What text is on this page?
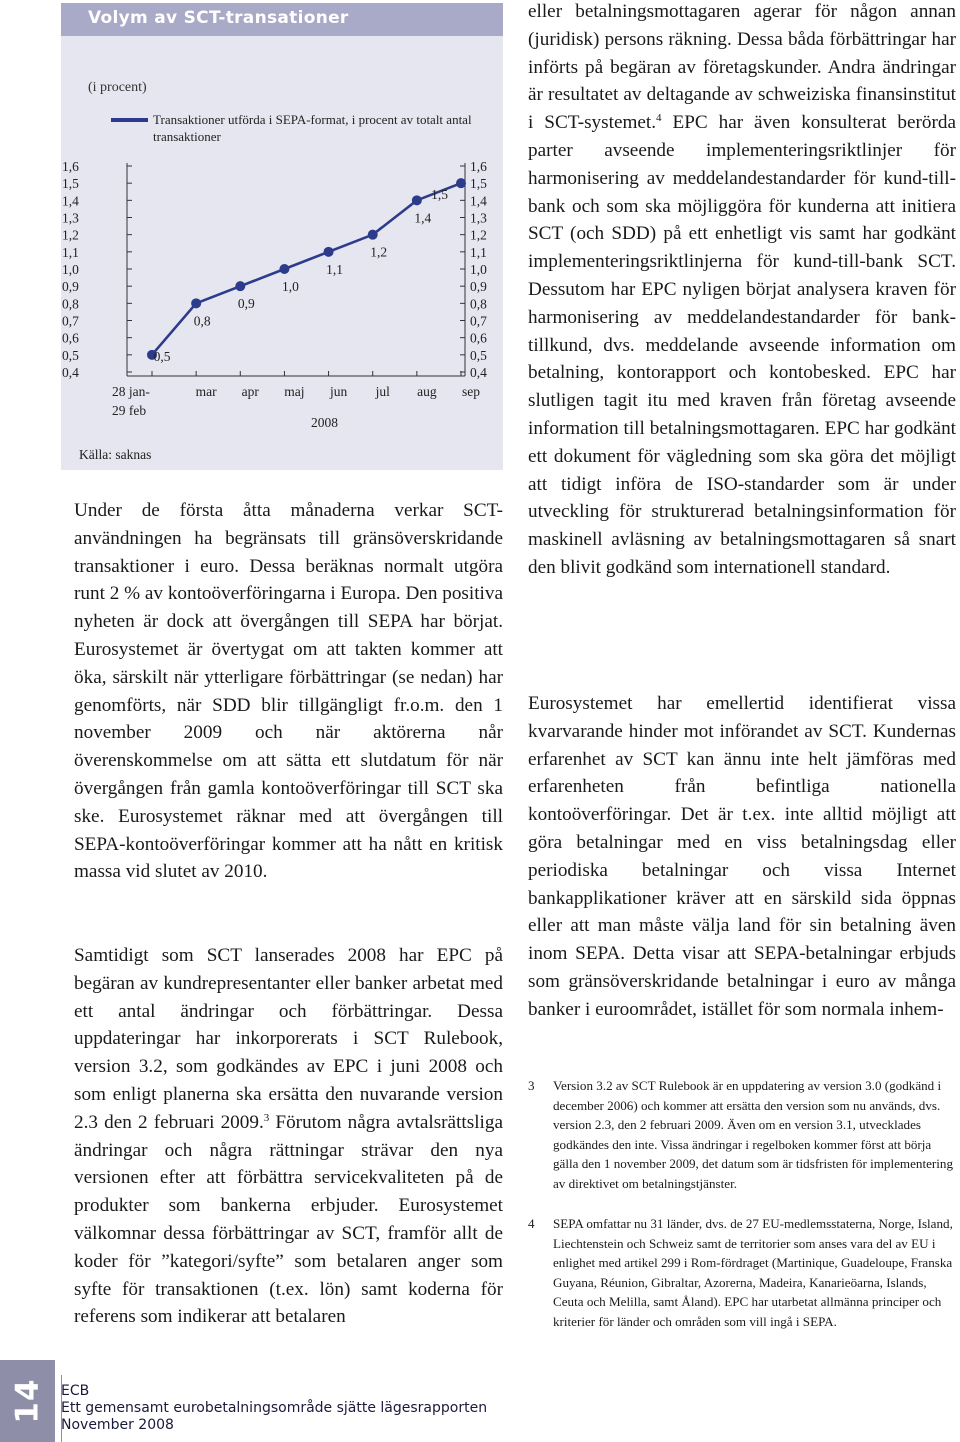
Volym av SCT-transationer
(i procent)
Transaktioner utförda i SEPA-format, i procent av totalt antal transaktioner
1,6	1,6
1,5	1,5
1,4	1,4
1,3	1,3
1,2	1,2
1,1	1,1
1,0	1,0
0,9	0,9
0,8	0,8
0,7	0,7
0,6	0,6
0,5	0,5
0,4	0,4
28 jan-
29 feb
mar apr maj jun jul aug sep
2008
0,5
0,8
0,9
1,0
1,1
1,2
1,4
1,5
Källa: saknas

Under de första åtta månaderna verkar SCT-användningen ha begränsats till gränsöverskridande transaktioner i euro. Dessa beräknas normalt utgöra runt 2 % av kontoöverföringarna i Europa. Den positiva nyheten är dock att övergången till SEPA har börjat. Eurosystemet är övertygat om att takten kommer att öka, särskilt när ytterligare förbättringar (se nedan) har genomförts, när SDD blir tillgängligt fr.o.m. den 1 november 2009 och när aktörerna når överenskommelse om att sätta ett slutdatum för när övergången från gamla kontoöverföringar till SCT ska ske. Eurosystemet räknar med att övergången till SEPA-kontoöverföringar kommer att ha nått en kritisk massa vid slutet av 2010.

Samtidigt som SCT lanserades 2008 har EPC på begäran av kundrepresentanter eller banker arbetat med ett antal ändringar och förbättringar. Dessa uppdateringar har inkorporerats i SCT Rulebook, version 3.2, som godkändes av EPC i juni 2008 och som enligt planerna ska ersätta den nuvarande version 2.3 den 2 februari 2009.$^3$ Förutom några avtalsrättsliga ändringar och några rättningar strävar den nya versionen efter att förbättra servicekvaliteten på de produkter som bankerna erbjuder. Eurosystemet välkomnar dessa förbättringar av SCT, framför allt de koder för ”kategori/syfte” som betalaren anger som syfte för transaktionen (t.ex. lön) samt koderna för referens som indikerar att betalaren

eller betalningsmottagaren agerar för någon annan (juridisk) persons räkning. Dessa båda förbättringar har införts på begäran av företagskunder. Andra ändringar är resultatet av deltagande av schweiziska finansinstitut i SCT-systemet.$^4$ EPC har även konsulterat berörda parter avseende implementeringsriktlinjer för harmonisering av meddelandestandarder för kund-till-bank och som ska möjliggöra för kunderna att initiera SCT (och SDD) på ett enhetligt vis samt har godkänt implementeringsriktlinjerna för kund-till-bank SCT. Dessutom har EPC nyligen börjat analysera kraven för harmonisering av meddelandestandarder för bank-tillkund, dvs. meddelande avseende information om betalning, kontorapport och kontobesked. EPC har slutligen tagit itu med kraven från företag avseende information till betalningsmottagaren. EPC har godkänt ett dokument för vägledning som ska göra det möjligt att tidigt införa de ISO-standarder som är under utveckling för strukturerad betalningsinformation för maskinell avläsning av betalningsmottagaren så snart den blivit godkänd som internationell standard.

Eurosystemet har emellertid identifierat vissa kvarvarande hinder mot införandet av SCT. Kundernas erfarenhet av SCT kan ännu inte helt jämföras med erfarenheten från befintliga nationella kontoöverföringar. Det är t.ex. inte alltid möjligt att göra betalningar med en viss betalningsdag eller periodiska betalningar och vissa Internet bankapplikationer kräver att en särskild sida öppnas eller att man måste välja land för sin betalning även inom SEPA. Detta visar att SEPA-betalningar erbjuds som gränsöverskridande betalningar i euro av många banker i euroområdet, istället för som normala inhem-

3 Version 3.2 av SCT Rulebook är en uppdatering av version 3.0 (godkänd i december 2006) och kommer att ersätta den version som nu används, dvs. version 2.3, den 2 februari 2009. Även om en version 3.1, utvecklades godkändes den inte. Vissa ändringar i regelboken kommer först att börja gälla den 1 november 2009, det datum som är tidsfristen för implementering av direktivet om betalningstjänster.
4 SEPA omfattar nu 31 länder, dvs. de 27 EU-medlemsstaterna, Norge, Island, Liechtenstein och Schweiz samt de territorier som anses vara del av EU i enlighet med artikel 299 i Rom-fördraget (Martinique, Guadeloupe, Franska Guyana, Réunion, Gibraltar, Azorerna, Madeira, Kanarieöarna, Islands, Ceuta och Melilla, samt Åland). EPC har utarbetat allmänna principer och kriterier för länder och områden som vill ingå i SEPA.
14 ECB
Ett gemensamt eurobetalningsområde sjätte lägesrapporten
November 2008
